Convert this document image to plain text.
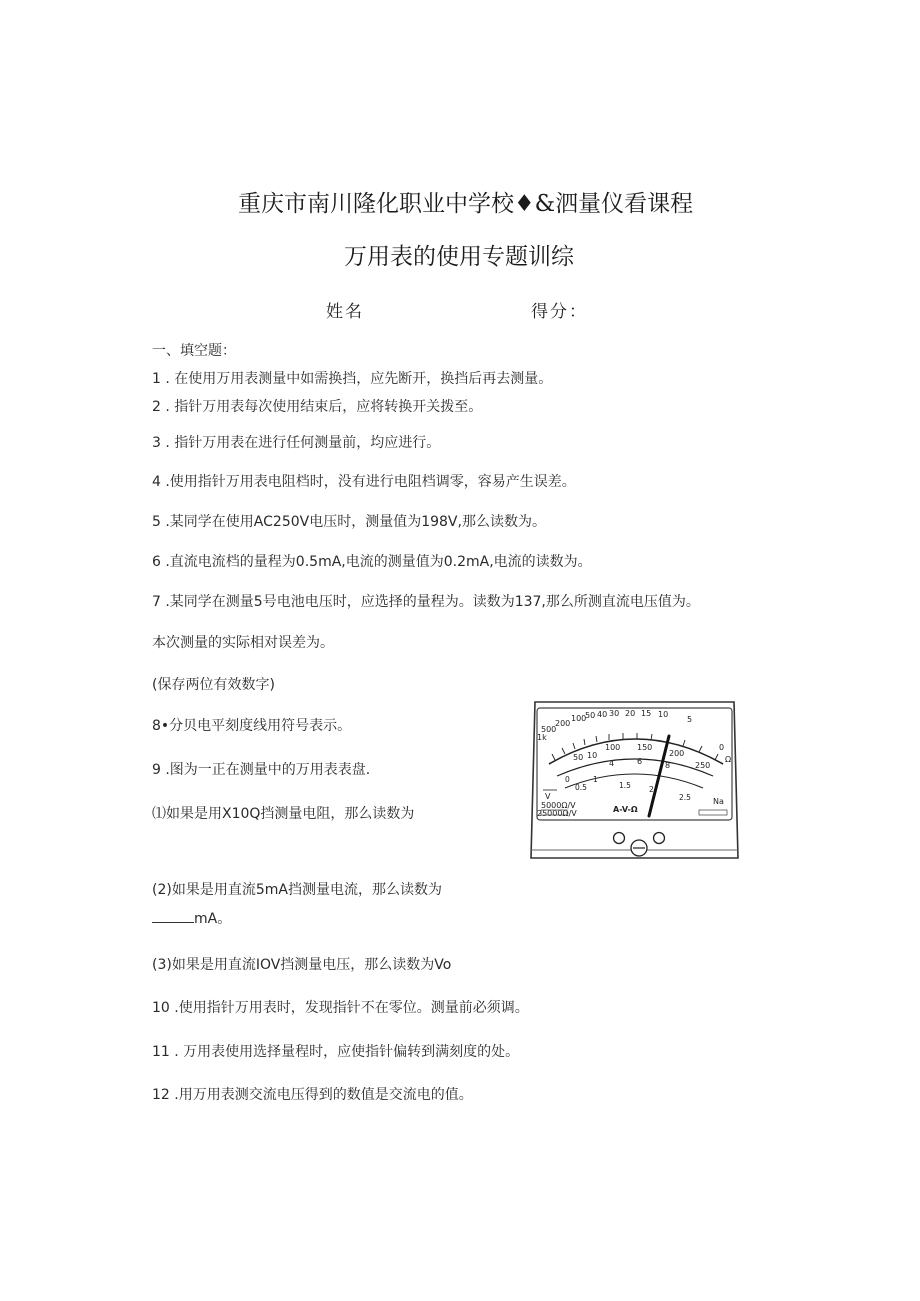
重庆市南川隆化职业中学校♦&泗量仪看课程
万用表的使用专题训综
姓名	得分：
一、填空题：
1 . 在使用万用表测量中如需换挡，应先断开，换挡后再去测量。
2 . 指针万用表每次使用结束后，应将转换开关拨至。
3 . 指针万用表在进行任何测量前，均应进行。
4 .使用指针万用表电阻档时，没有进行电阻档调零，容易产生误差。
5 .某同学在使用AC250V电压时，测量值为198V,那么读数为。
6 .直流电流档的量程为0.5mA,电流的测量值为0.2mA,电流的读数为。
7 .某同学在测量5号电池电压时，应选择的量程为。读数为137,那么所测直流电压值为。
本次测量的实际相对误差为。
(保存两位有效数字)
8•分贝电平刻度线用符号表示。
9 .图为一正在测量中的万用表表盘.
⑴如果是用X10Q挡测量电阻，那么读数为
(2)如果是用直流5mA挡测量电流，那么读数为
mA。
(3)如果是用直流IOV挡测量电压，那么读数为Vo
10 .使用指针万用表时，发现指针不在零位。测量前必须调。
11 . 万用表使用选择量程时，应使指针偏转到满刻度的处。
12 .用万用表测交流电压得到的数值是交流电的值。
1k
500
200
100
50 40 30 20 15 10
5
0
Ω
100 150
200
250
50 10
4	6	8
0
0.5
1
1.5 2
2.5
V
5000Ω/V
25000Ω/V	A-V-Ω
Na
